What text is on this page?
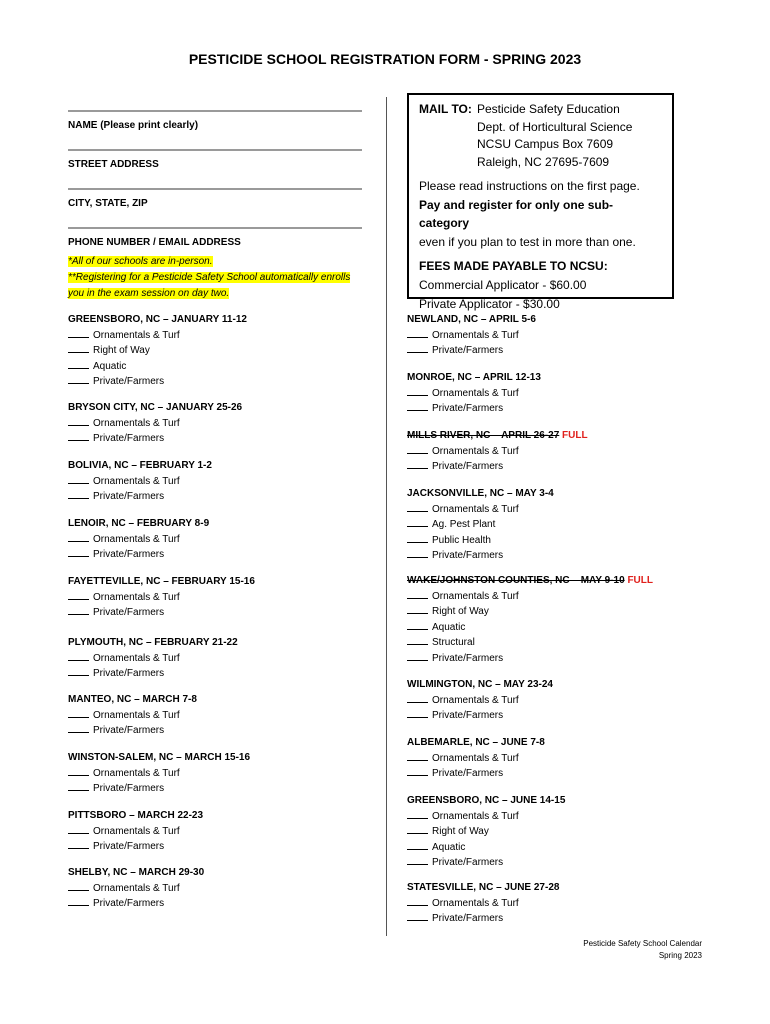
PESTICIDE SCHOOL REGISTRATION FORM - SPRING 2023
NAME (Please print clearly)
STREET ADDRESS
CITY, STATE, ZIP
PHONE NUMBER / EMAIL ADDRESS
*All of our schools are in-person.
**Registering for a Pesticide Safety School automatically enrolls you in the exam session on day two.
MAIL TO: Pesticide Safety Education
Dept. of Horticultural Science
NCSU Campus Box 7609
Raleigh, NC 27695-7609
Please read instructions on the first page.
Pay and register for only one sub-category
even if you plan to test in more than one.
FEES MADE PAYABLE TO NCSU:
Commercial Applicator - $60.00
Private Applicator - $30.00
Pesticide Safety School Calendar
Spring 2023
GREENSBORO, NC – JANUARY 11-12
Ornamentals & Turf
Right of Way
Aquatic
Private/Farmers
BRYSON CITY, NC – JANUARY 25-26
Ornamentals & Turf
Private/Farmers
BOLIVIA, NC – FEBRUARY 1-2
Ornamentals & Turf
Private/Farmers
LENOIR, NC – FEBRUARY 8-9
Ornamentals & Turf
Private/Farmers
FAYETTEVILLE, NC – FEBRUARY 15-16
Ornamentals & Turf
Private/Farmers
PLYMOUTH, NC – FEBRUARY 21-22
Ornamentals & Turf
Private/Farmers
MANTEO, NC – MARCH 7-8
Ornamentals & Turf
Private/Farmers
WINSTON-SALEM, NC – MARCH 15-16
Ornamentals & Turf
Private/Farmers
PITTSBORO – MARCH 22-23
Ornamentals & Turf
Private/Farmers
SHELBY, NC – MARCH 29-30
Ornamentals & Turf
Private/Farmers
NEWLAND, NC – APRIL 5-6
Ornamentals & Turf
Private/Farmers
MONROE, NC – APRIL 12-13
Ornamentals & Turf
Private/Farmers
MILLS RIVER, NC – APRIL 26-27 FULL
Ornamentals & Turf
Private/Farmers
JACKSONVILLE, NC – MAY 3-4
Ornamentals & Turf
Ag. Pest Plant
Public Health
Private/Farmers
WAKE/JOHNSTON COUNTIES, NC – MAY 9-10 FULL
Ornamentals & Turf
Right of Way
Aquatic
Structural
Private/Farmers
WILMINGTON, NC – MAY 23-24
Ornamentals & Turf
Private/Farmers
ALBEMARLE, NC – JUNE 7-8
Ornamentals & Turf
Private/Farmers
GREENSBORO, NC – JUNE 14-15
Ornamentals & Turf
Right of Way
Aquatic
Private/Farmers
STATESVILLE, NC – JUNE 27-28
Ornamentals & Turf
Private/Farmers
